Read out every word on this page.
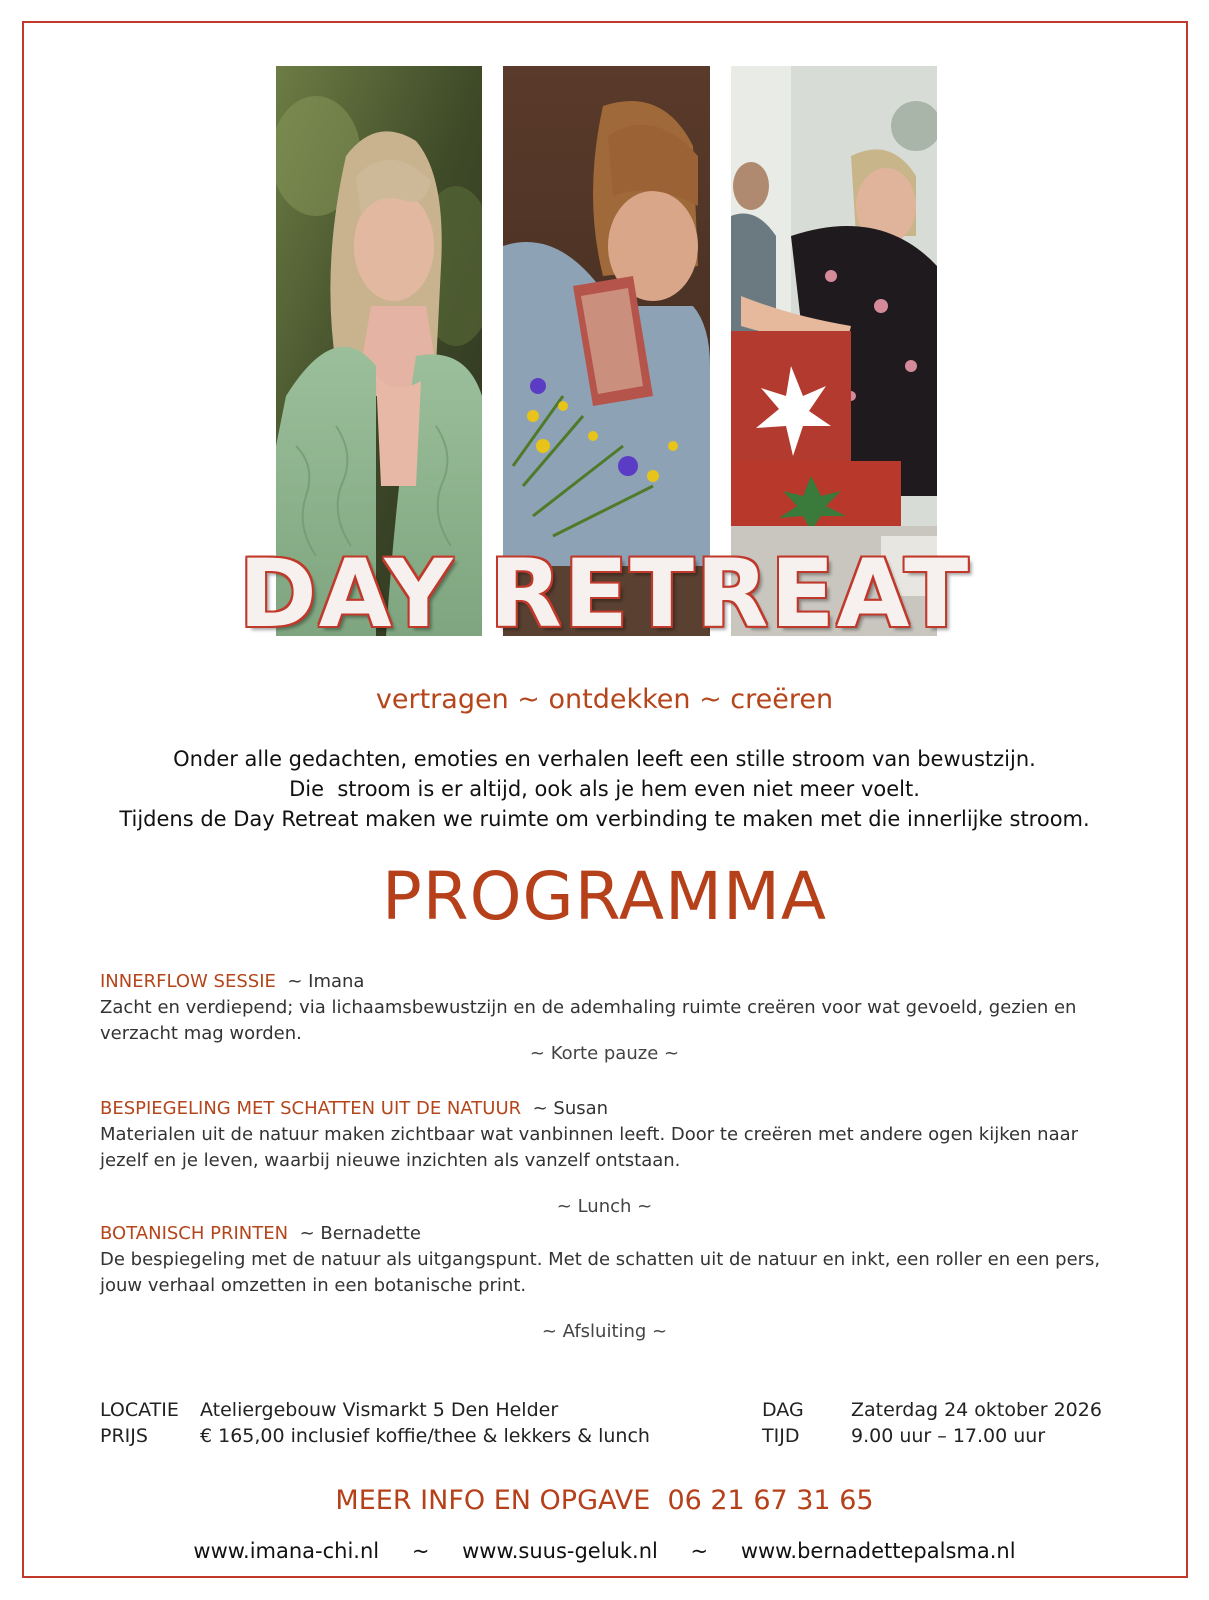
DAY RETREAT
vertragen ~ ontdekken ~ creëren
Onder alle gedachten, emoties en verhalen leeft een stille stroom van bewustzijn.
Die  stroom is er altijd, ook als je hem even niet meer voelt.
Tijdens de Day Retreat maken we ruimte om verbinding te maken met die innerlijke stroom.
PROGRAMMA
INNERFLOW SESSIE ~ Imana
Zacht en verdiepend; via lichaamsbewustzijn en de ademhaling ruimte creëren voor wat gevoeld, gezien en verzacht mag worden.
~ Korte pauze ~
BESPIEGELING MET SCHATTEN UIT DE NATUUR ~ Susan
Materialen uit de natuur maken zichtbaar wat vanbinnen leeft. Door te creëren met andere ogen kijken naar jezelf en je leven, waarbij nieuwe inzichten als vanzelf ontstaan.
~ Lunch ~
BOTANISCH PRINTEN ~ Bernadette
De bespiegeling met de natuur als uitgangspunt. Met de schatten uit de natuur en inkt, een roller en een pers, jouw verhaal omzetten in een botanische print.
~ Afsluiting ~
LOCATIE Ateliergebouw Vismarkt 5 Den Helder
PRIJS	€ 165,00 inclusief koffie/thee & lekkers & lunch
DAG Zaterdag 24 oktober 2026
TIJD	9.00 uur – 17.00 uur
MEER INFO EN OPGAVE  06 21 67 31 65
www.imana-chi.nl ~ www.suus-geluk.nl ~ www.bernadettepalsma.nl
